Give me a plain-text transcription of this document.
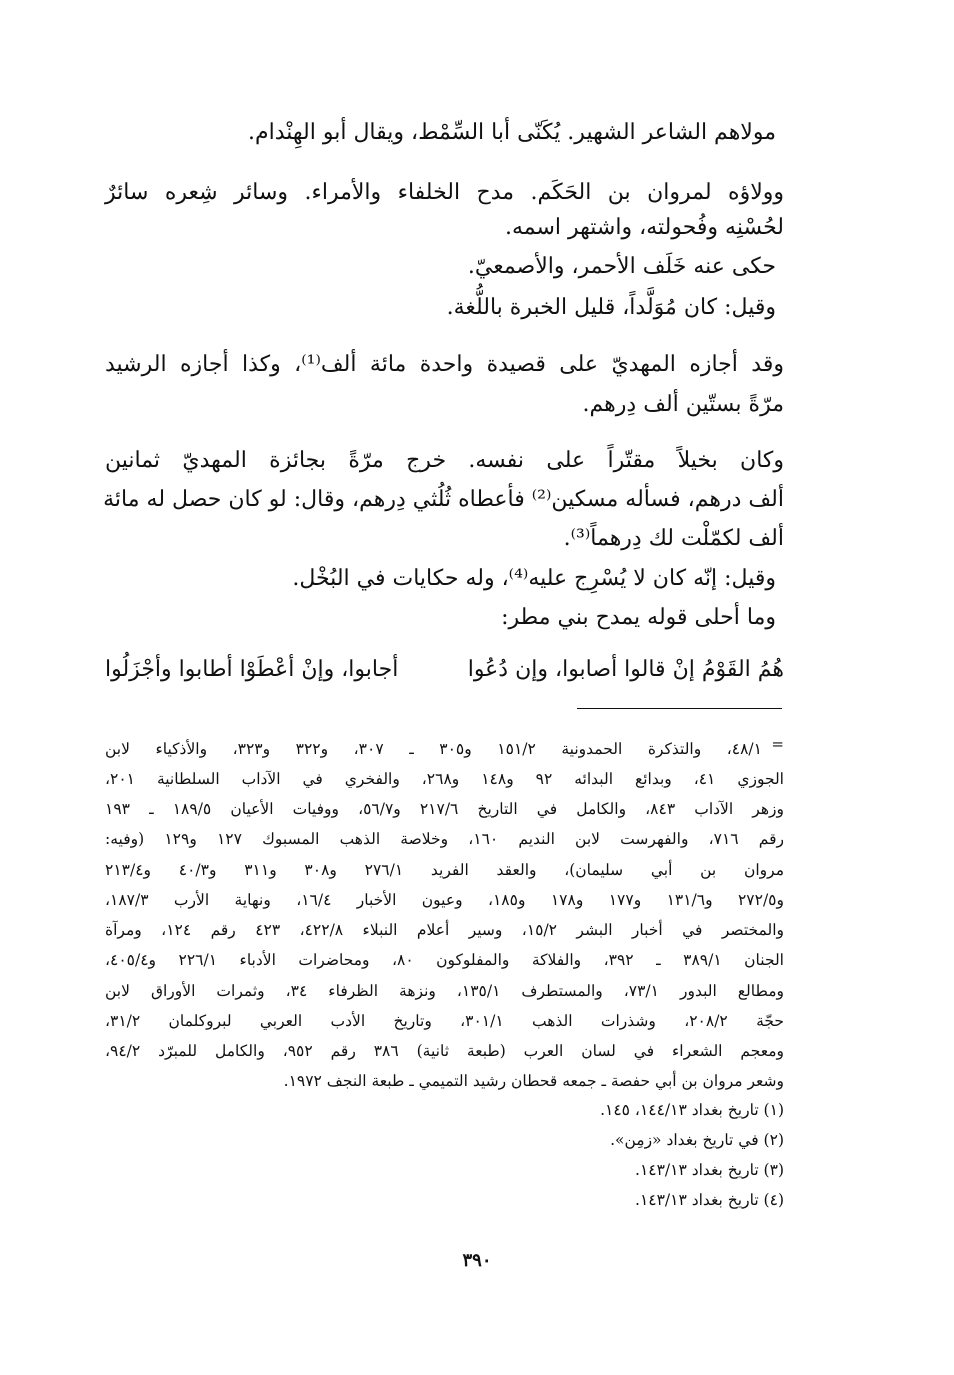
مولاهم الشاعر الشهير. يُكَنّى أبا السِّمْط، ويقال أبو الهِنْدام.
وولاؤه لمروان بن الحَكَم. مدح الخلفاء والأمراء. وسائر شِعره سائرٌ
لحُسْنِه وفُحولته، واشتهر اسمه.
حكى عنه خَلَف الأحمر، والأصمعيّ.
وقيل: كان مُوَلَّداً، قليل الخبرة باللُّغة.
وقد أجازه المهديّ على قصيدة واحدة مائة ألف⁽¹⁾، وكذا أجازه الرشيد
مرّةً بستّين ألف دِرهم.
وكان بخيلاً مقتّراً على نفسه. خرج مرّةً بجائزة المهديّ ثمانين
ألف درهم، فسأله مسكين⁽²⁾ فأعطاه ثُلُثي دِرهم، وقال: لو كان حصل له مائة
ألف لكمّلْت لك دِرهماً⁽³⁾.
وقيل: إنّه كان لا يُسْرِج عليه⁽⁴⁾، وله حكايات في البُخْل.
وما أحلى قوله يمدح بني مطر:
هُمُ القَوْمُ إنْ قالوا أصابوا، وإن دُعُوا
أجابوا، وإنْ أعْطَوْا أطابوا وأجْزَلُوا
=
٤٨/١، والتذكرة الحمدونية ١٥١/٢ و٣٠٥ ـ ٣٠٧، و٣٢٢ و٣٢٣، والأذكياء لابن
الجوزي ٤١، وبدائع البدائه ٩٢ و١٤٨ و٢٦٨، والفخري في الآداب السلطانية ٢٠١،
وزهر الآداب ٨٤٣، والكامل في التاريخ ٢١٧/٦ و٥٦/٧، ووفيات الأعيان ١٨٩/٥ ـ ١٩٣
رقم ٧١٦، والفهرست لابن النديم ١٦٠، وخلاصة الذهب المسبوك ١٢٧ و١٢٩ (وفيه:
مروان بن أبي سليمان)، والعقد الفريد ٢٧٦/١ و٣٠٨ و٣١١ و٤٠/٣ و٢١٣/٤
و٢٧٢/٥ و١٣١/٦ و١٧٧ و١٧٨ و١٨٥، وعيون الأخبار ١٦/٤، ونهاية الأرب ١٨٧/٣،
والمختصر في أخبار البشر ١٥/٢، وسير أعلام النبلاء ٤٢٢/٨، ٤٢٣ رقم ١٢٤، ومرآة
الجنان ٣٨٩/١ ـ ٣٩٢، والفلاكة والمفلوكون ٨٠، ومحاضرات الأدباء ٢٢٦/١ و٤٠٥/٤،
ومطالع البدور ٧٣/١، والمستطرف ١٣٥/١، ونزهة الظرفاء ٣٤، وثمرات الأوراق لابن
حجّة ٢٠٨/٢، وشذرات الذهب ٣٠١/١، وتاريخ الأدب العربي لبروكلمان ٣١/٢،
ومعجم الشعراء في لسان العرب (طبعة ثانية) ٣٨٦ رقم ٩٥٢، والكامل للمبرّد ٩٤/٢،
وشعر مروان بن أبي حفصة ـ جمعه قحطان رشيد التميمي ـ طبعة النجف ١٩٧٢.
(١) تاريخ بغداد ١٤٤/١٣، ١٤٥.
(٢) في تاريخ بغداد «زمِن».
(٣) تاريخ بغداد ١٤٣/١٣.
(٤) تاريخ بغداد ١٤٣/١٣.
٣٩٠
